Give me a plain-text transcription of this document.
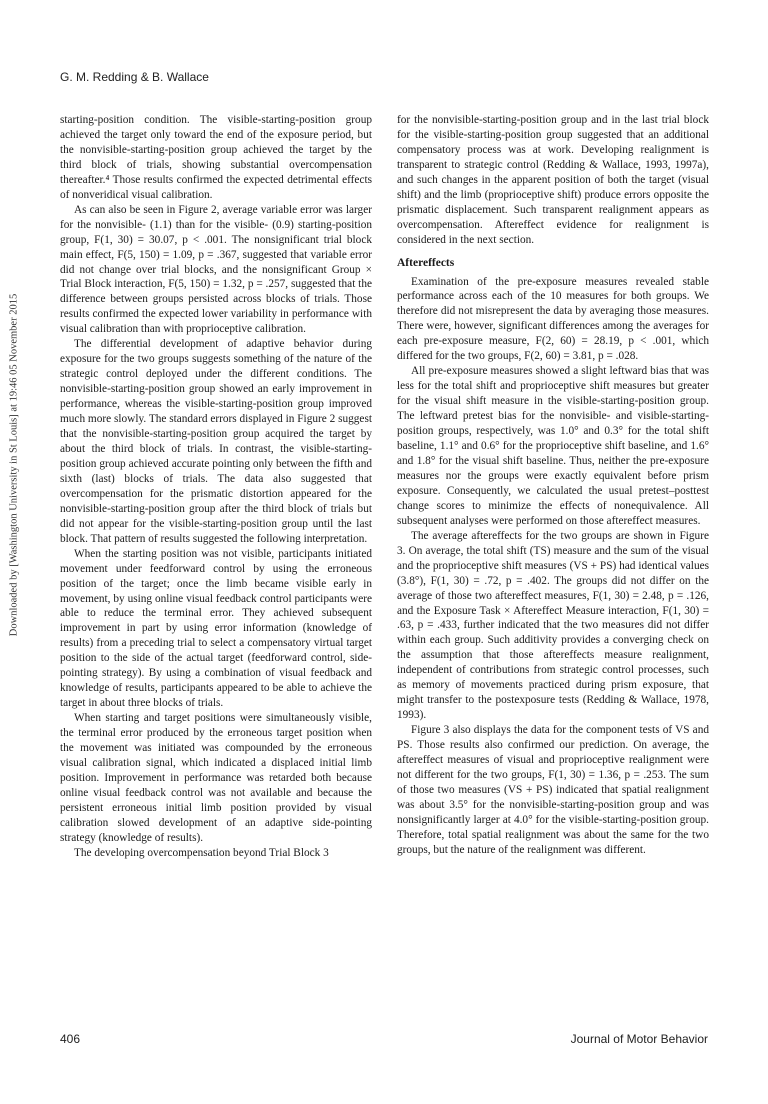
G. M. Redding & B. Wallace
Downloaded by [Washington University in St Louis] at 19:46 05 November 2015

starting-position condition. The visible-starting-position group achieved the target only toward the end of the exposure period, but the nonvisible-starting-position group achieved the target by the third block of trials, showing substantial overcompensation thereafter.⁴ Those results confirmed the expected detrimental effects of nonveridical visual calibration.

As can also be seen in Figure 2, average variable error was larger for the nonvisible- (1.1) than for the visible- (0.9) starting-position group, F(1, 30) = 30.07, p < .001. The nonsignificant trial block main effect, F(5, 150) = 1.09, p = .367, suggested that variable error did not change over trial blocks, and the nonsignificant Group × Trial Block interaction, F(5, 150) = 1.32, p = .257, suggested that the difference between groups persisted across blocks of trials. Those results confirmed the expected lower variability in performance with visual calibration than with proprioceptive calibration.

The differential development of adaptive behavior during exposure for the two groups suggests something of the nature of the strategic control deployed under the different conditions. The nonvisible-starting-position group showed an early improvement in performance, whereas the visible-starting-position group improved much more slowly. The standard errors displayed in Figure 2 suggest that the nonvisible-starting-position group acquired the target by about the third block of trials. In contrast, the visible-starting-position group achieved accurate pointing only between the fifth and sixth (last) blocks of trials. The data also suggested that overcompensation for the prismatic distortion appeared for the nonvisible-starting-position group after the third block of trials but did not appear for the visible-starting-position group until the last block. That pattern of results suggested the following interpretation.

When the starting position was not visible, participants initiated movement under feedforward control by using the erroneous position of the target; once the limb became visible early in movement, by using online visual feedback control participants were able to reduce the terminal error. They achieved subsequent improvement in part by using error information (knowledge of results) from a preceding trial to select a compensatory virtual target position to the side of the actual target (feedforward control, side-pointing strategy). By using a combination of visual feedback and knowledge of results, participants appeared to be able to achieve the target in about three blocks of trials.

When starting and target positions were simultaneously visible, the terminal error produced by the erroneous target position when the movement was initiated was compounded by the erroneous visual calibration signal, which indicated a displaced initial limb position. Improvement in performance was retarded both because online visual feedback control was not available and because the persistent erroneous initial limb position provided by visual calibration slowed development of an adaptive side-pointing strategy (knowledge of results).

The developing overcompensation beyond Trial Block 3

for the nonvisible-starting-position group and in the last trial block for the visible-starting-position group suggested that an additional compensatory process was at work. Developing realignment is transparent to strategic control (Redding & Wallace, 1993, 1997a), and such changes in the apparent position of both the target (visual shift) and the limb (proprioceptive shift) produce errors opposite the prismatic displacement. Such transparent realignment appears as overcompensation. Aftereffect evidence for realignment is considered in the next section.

Aftereffects

Examination of the pre-exposure measures revealed stable performance across each of the 10 measures for both groups. We therefore did not misrepresent the data by averaging those measures. There were, however, significant differences among the averages for each pre-exposure measure, F(2, 60) = 28.19, p < .001, which differed for the two groups, F(2, 60) = 3.81, p = .028.

All pre-exposure measures showed a slight leftward bias that was less for the total shift and proprioceptive shift measures but greater for the visual shift measure in the visible-starting-position group. The leftward pretest bias for the nonvisible- and visible-starting-position groups, respectively, was 1.0° and 0.3° for the total shift baseline, 1.1° and 0.6° for the proprioceptive shift baseline, and 1.6° and 1.8° for the visual shift baseline. Thus, neither the pre-exposure measures nor the groups were exactly equivalent before prism exposure. Consequently, we calculated the usual pretest–posttest change scores to minimize the effects of nonequivalence. All subsequent analyses were performed on those aftereffect measures.

The average aftereffects for the two groups are shown in Figure 3. On average, the total shift (TS) measure and the sum of the visual and the proprioceptive shift measures (VS + PS) had identical values (3.8°), F(1, 30) = .72, p = .402. The groups did not differ on the average of those two aftereffect measures, F(1, 30) = 2.48, p = .126, and the Exposure Task × Aftereffect Measure interaction, F(1, 30) = .63, p = .433, further indicated that the two measures did not differ within each group. Such additivity provides a converging check on the assumption that those aftereffects measure realignment, independent of contributions from strategic control processes, such as memory of movements practiced during prism exposure, that might transfer to the postexposure tests (Redding & Wallace, 1978, 1993).

Figure 3 also displays the data for the component tests of VS and PS. Those results also confirmed our prediction. On average, the aftereffect measures of visual and proprioceptive realignment were not different for the two groups, F(1, 30) = 1.36, p = .253. The sum of those two measures (VS + PS) indicated that spatial realignment was about 3.5° for the nonvisible-starting-position group and was nonsignificantly larger at 4.0° for the visible-starting-position group. Therefore, total spatial realignment was about the same for the two groups, but the nature of the realignment was different.

406	Journal of Motor Behavior
